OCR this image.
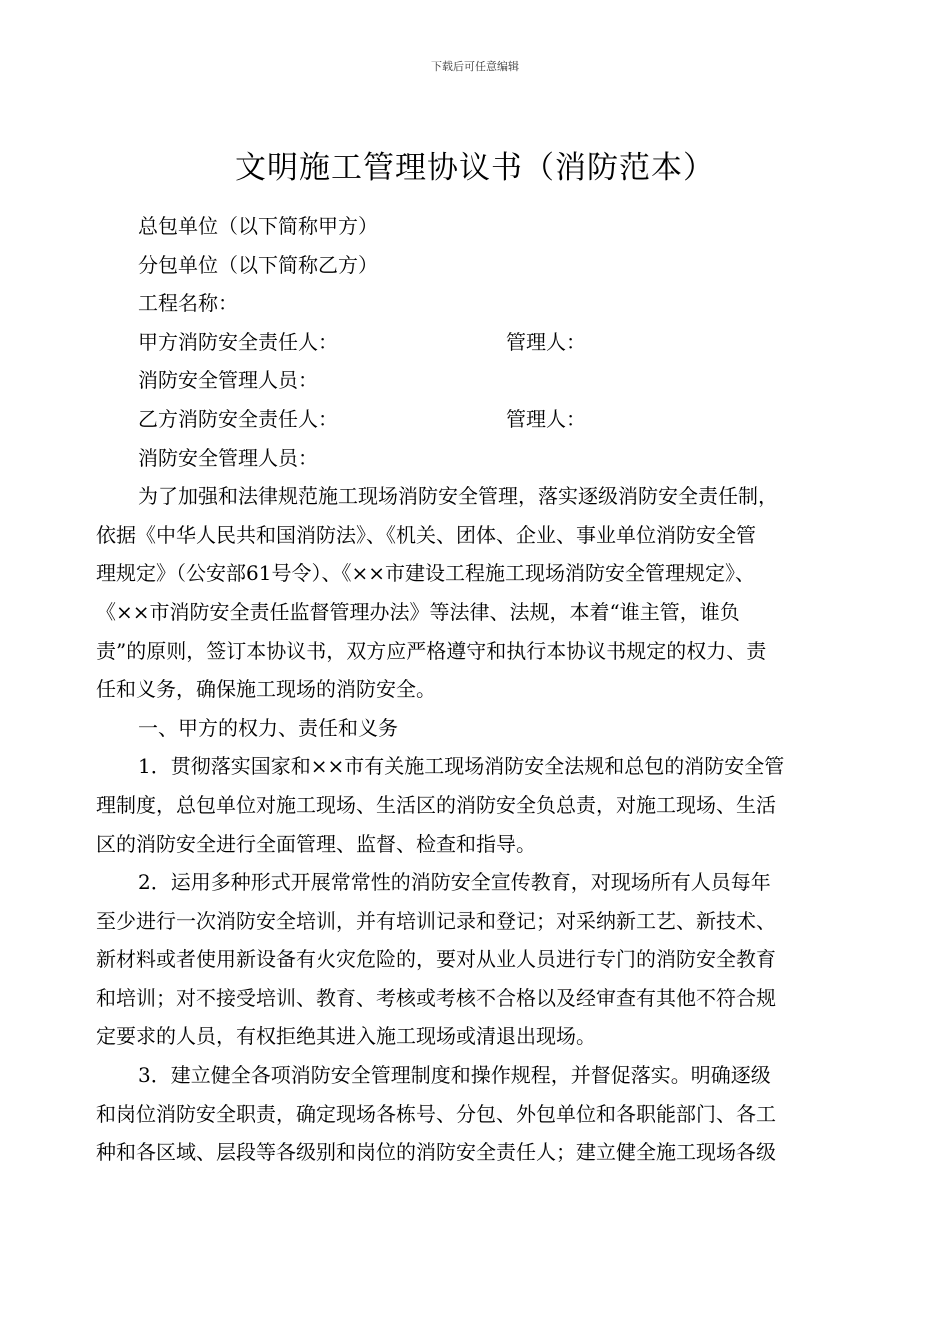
下载后可任意编辑
文明施工管理协议书（消防范本）
总包单位（以下简称甲方）
分包单位（以下简称乙方）
工程名称：
甲方消防安全责任人：	管理人：
消防安全管理人员：
乙方消防安全责任人：	管理人：
消防安全管理人员：
为了加强和法律规范施工现场消防安全管理，落实逐级消防安全责任制，
依据《中华人民共和国消防法》、《机关、团体、企业、事业单位消防安全管
理规定》（公安部61号令）、《××市建设工程施工现场消防安全管理规定》、
《××市消防安全责任监督管理办法》等法律、法规，本着“谁主管，谁负
责”的原则，签订本协议书，双方应严格遵守和执行本协议书规定的权力、责
任和义务，确保施工现场的消防安全。
一、甲方的权力、责任和义务
1．贯彻落实国家和××市有关施工现场消防安全法规和总包的消防安全管
理制度，总包单位对施工现场、生活区的消防安全负总责，对施工现场、生活
区的消防安全进行全面管理、监督、检查和指导。
2．运用多种形式开展常常性的消防安全宣传教育，对现场所有人员每年
至少进行一次消防安全培训，并有培训记录和登记；对采纳新工艺、新技术、
新材料或者使用新设备有火灾危险的，要对从业人员进行专门的消防安全教育
和培训；对不接受培训、教育、考核或考核不合格以及经审查有其他不符合规
定要求的人员，有权拒绝其进入施工现场或清退出现场。
3．建立健全各项消防安全管理制度和操作规程，并督促落实。明确逐级
和岗位消防安全职责，确定现场各栋号、分包、外包单位和各职能部门、各工
种和各区域、层段等各级别和岗位的消防安全责任人；建立健全施工现场各级
